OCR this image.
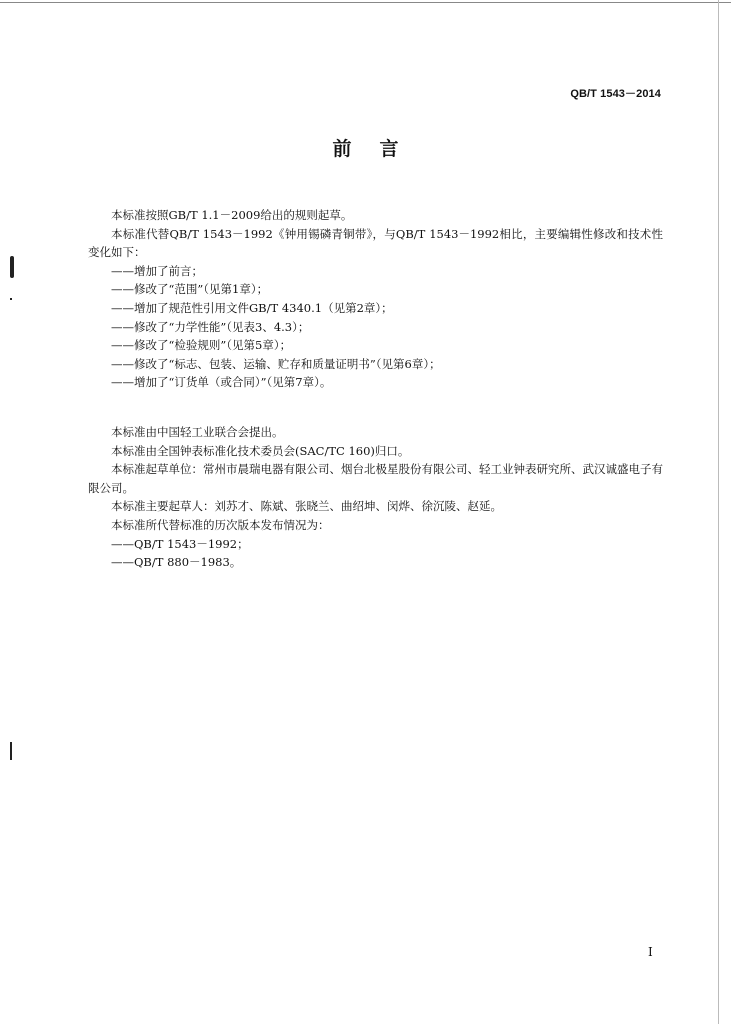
QB/T 1543－2014
前言

本标准按照GB/T 1.1－2009给出的规则起草。

本标准代替QB/T 1543－1992《钟用锡磷青铜带》，与QB/T 1543－1992相比，主要编辑性修改和技术性变化如下：

——增加了前言；

——修改了“范围”（见第1章）；

——增加了规范性引用文件GB/T 4340.1（见第2章）；

——修改了“力学性能”（见表3、4.3）；

——修改了“检验规则”（见第5章）；

——修改了“标志、包装、运输、贮存和质量证明书”（见第6章）；

——增加了“订货单（或合同）”（见第7章）。

本标准由中国轻工业联合会提出。

本标准由全国钟表标准化技术委员会(SAC/TC 160)归口。

本标准起草单位：常州市晨瑞电器有限公司、烟台北极星股份有限公司、轻工业钟表研究所、武汉诚盛电子有限公司。

本标准主要起草人：刘苏才、陈斌、张晓兰、曲绍坤、闵烨、徐沉陵、赵延。

本标准所代替标准的历次版本发布情况为：

——QB/T 1543－1992；

——QB/T 880－1983。

I
